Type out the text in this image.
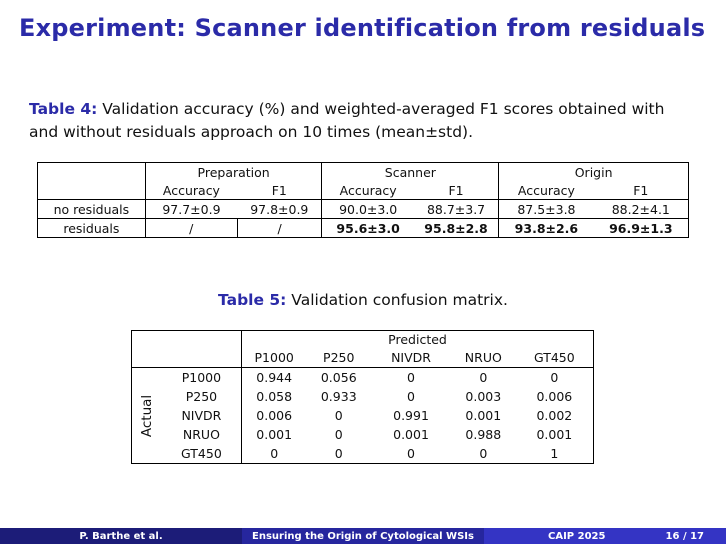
Experiment: Scanner identification from residuals
Table 4: Validation accuracy (%) and weighted-averaged F1 scores obtained with and without residuals approach on 10 times (mean±std).
	Preparation		Scanner		Origin	
	Accuracy	F1	Accuracy	F1	Accuracy	F1
no residuals	97.7±0.9	97.8±0.9	90.0±3.0	88.7±3.7	87.5±3.8	88.2±4.1
residuals	/	/	95.6±3.0	95.8±2.8	93.8±2.6	96.9±1.3
Table 5: Validation confusion matrix.
		Predicted				
		P1000	P250	NIVDR	NRUO	GT450

Actual	P1000	0.944	0.056	0	0	0
	P250	0.058	0.933	0	0.003	0.006
	NIVDR	0.006	0	0.991	0.001	0.002
	NRUO	0.001	0	0.001	0.988	0.001
	GT450	0	0	0	0	1
P. Barthe et al.	Ensuring the Origin of Cytological WSIs	CAIP 2025	16 / 17
